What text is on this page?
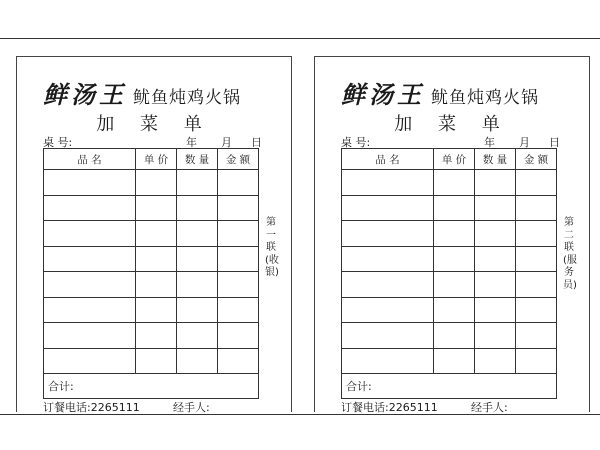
鲜汤王 鱿鱼炖鸡火锅
加 菜 单
桌 号:	年 月 日
品 名	单 价	数 量	金 额

合计:			
第一联(收银)
订餐电话:2265111	经手人:
鲜汤王 鱿鱼炖鸡火锅
加 菜 单
桌 号:	年 月 日
品 名	单 价	数 量	金 额

合计:			
第二联(服务员)
订餐电话:2265111	经手人:
